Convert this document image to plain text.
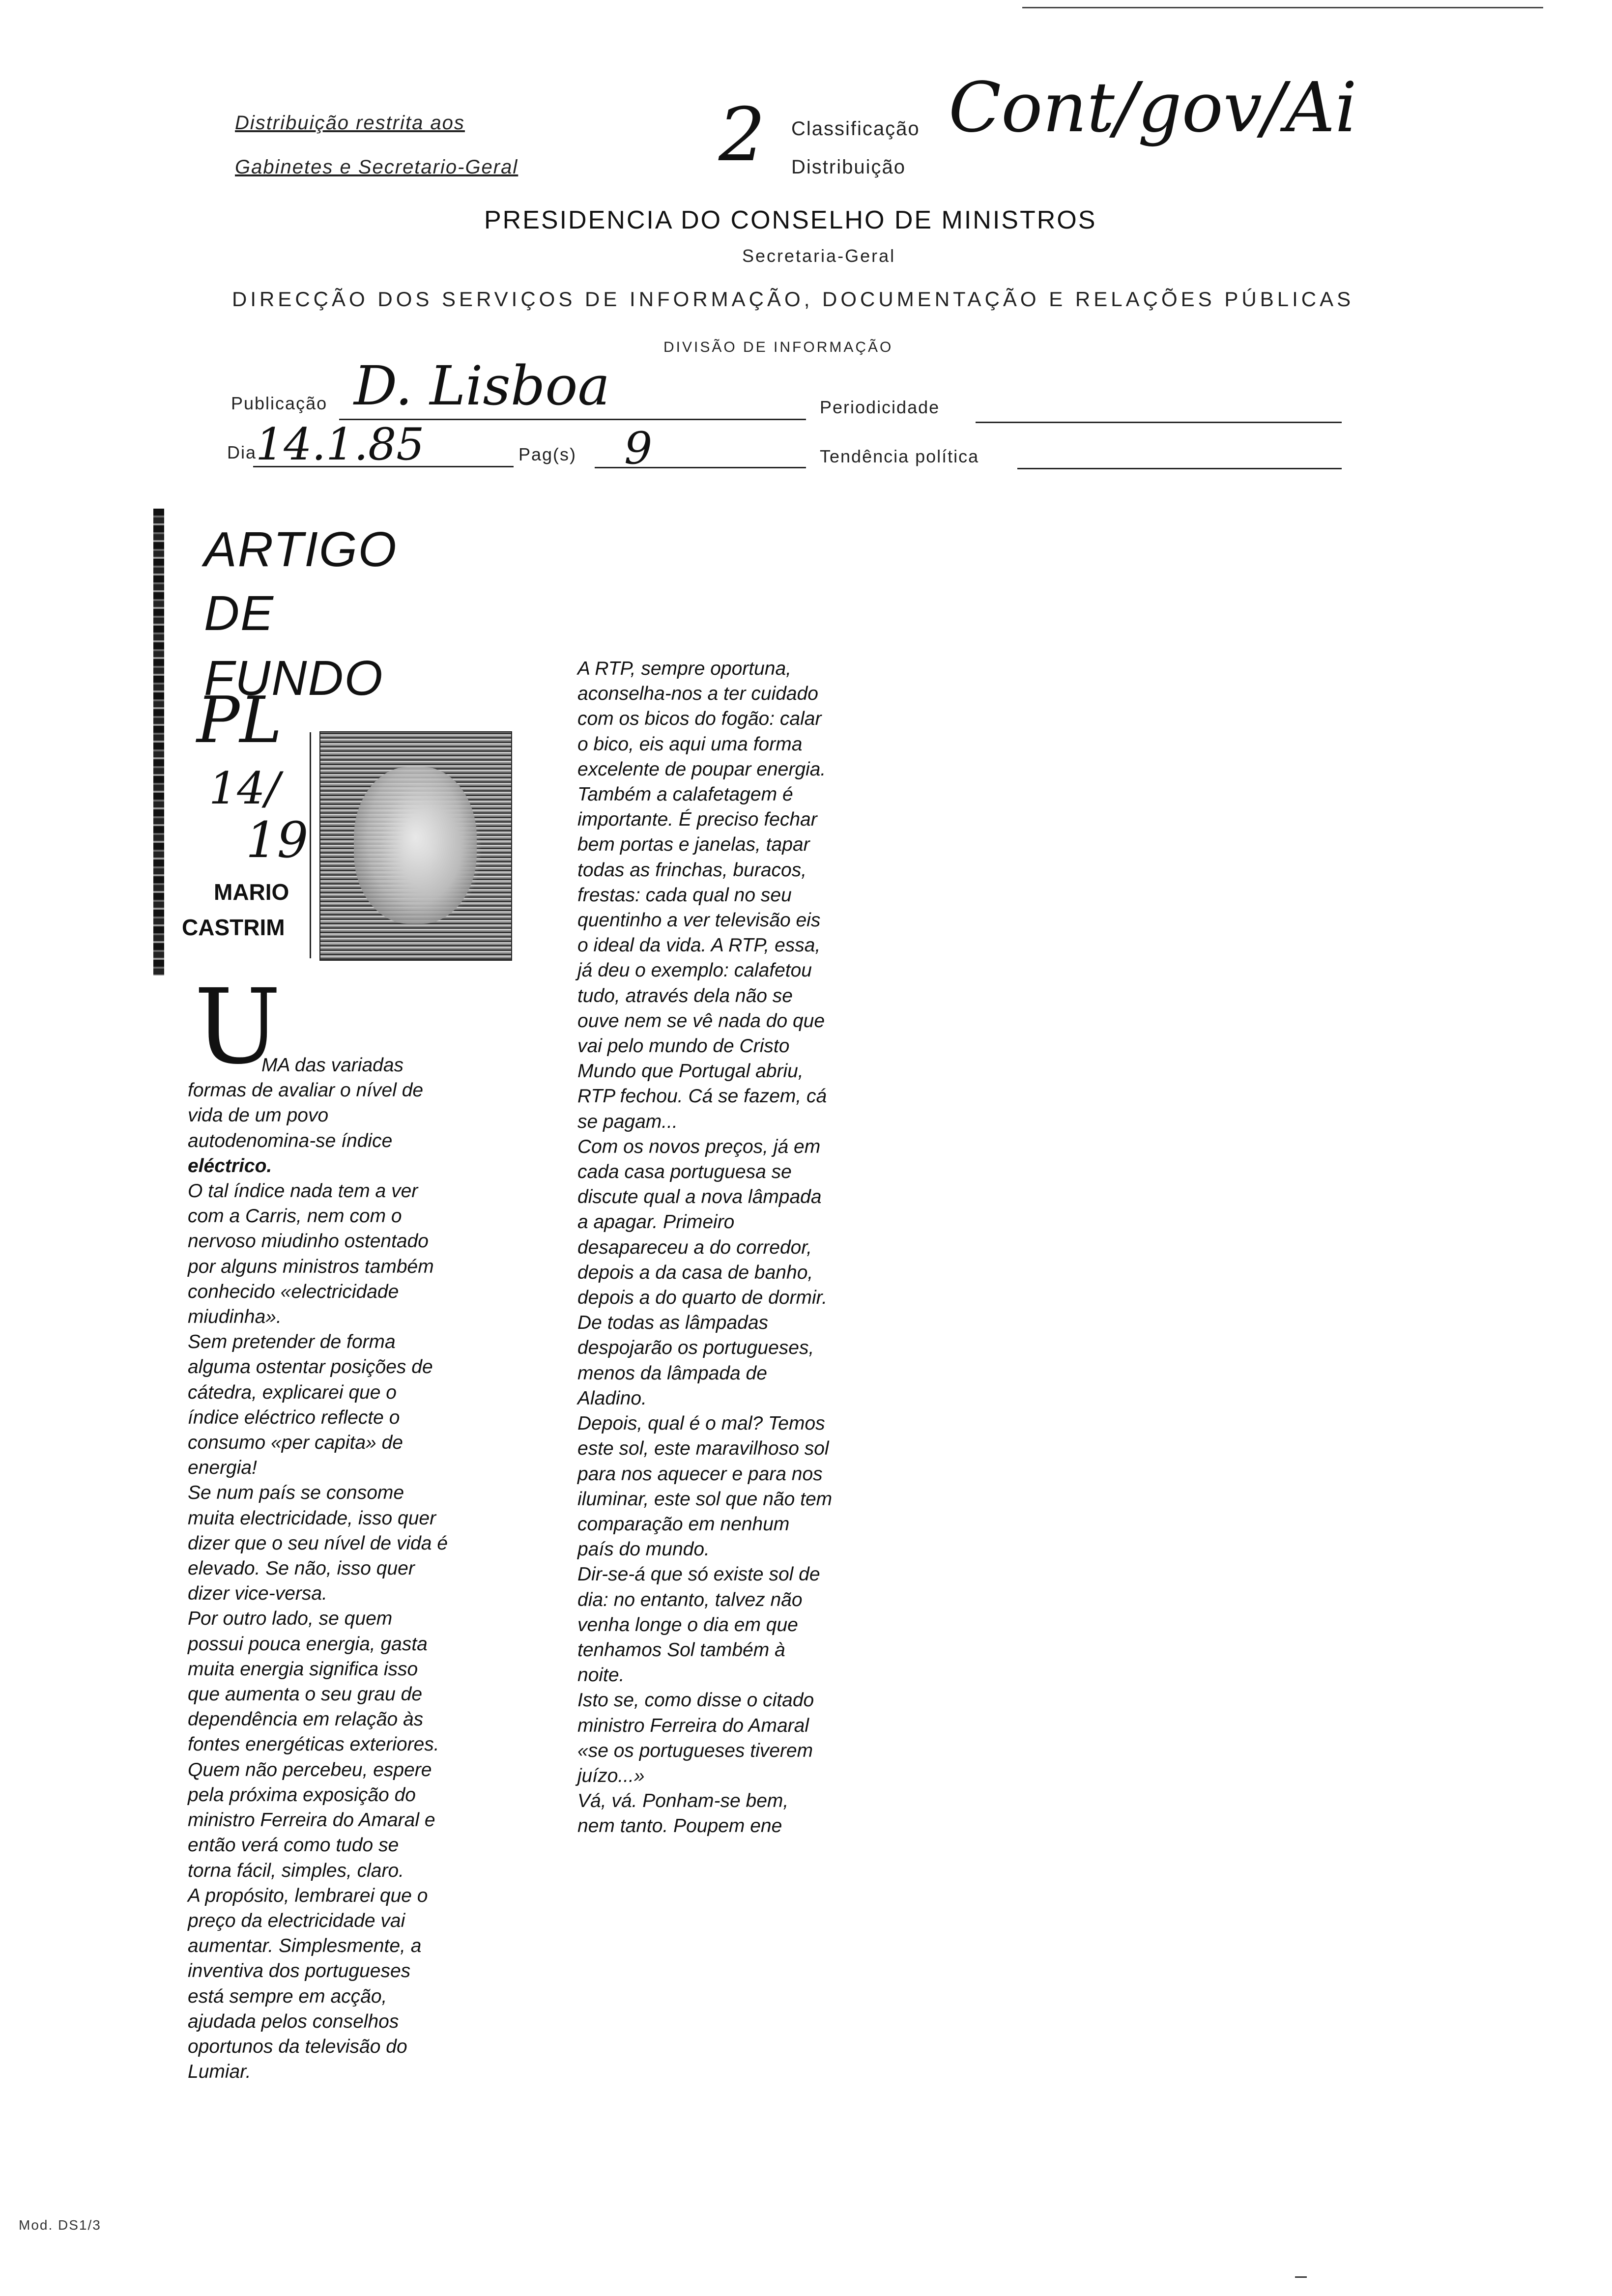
Distribuição restrita aos
Gabinetes e Secretario-Geral	2 Classificação
Distribuição
Cont/gov/Ai
PRESIDENCIA DO CONSELHO DE MINISTROS
Secretaria-Geral
DIRECÇÃO DOS SERVIÇOS DE INFORMAÇÃO, DOCUMENTAÇÃO E RELAÇÕES PÚBLICAS
DIVISÃO DE INFORMAÇÃO
Publicação D. Lisboa	Periodicidade
Dia
14.1.85	Pag(s) 9	Tendência política
ARTIGO
DE
FUNDO
PL
14/
19
MARIO
CASTRIM
U

MA das variadas

formas de avaliar o nível de

vida de um povo

autodenomina-se índice

eléctrico.

O tal índice nada tem a ver

com a Carris, nem com o

nervoso miudinho ostentado

por alguns ministros também

conhecido «electricidade

miudinha».

Sem pretender de forma

alguma ostentar posições de

cátedra, explicarei que o

índice eléctrico reflecte o

consumo «per capita» de

energia!

Se num país se consome

muita electricidade, isso quer

dizer que o seu nível de vida é

elevado. Se não, isso quer

dizer vice-versa.

Por outro lado, se quem

possui pouca energia, gasta

muita energia significa isso

que aumenta o seu grau de

dependência em relação às

fontes energéticas exteriores.

Quem não percebeu, espere

pela próxima exposição do

ministro Ferreira do Amaral e

então verá como tudo se

torna fácil, simples, claro.

A propósito, lembrarei que o

preço da electricidade vai

aumentar. Simplesmente, a

inventiva dos portugueses

está sempre em acção,

ajudada pelos conselhos

oportunos da televisão do

Lumiar.

A RTP, sempre oportuna,

aconselha-nos a ter cuidado

com os bicos do fogão: calar

o bico, eis aqui uma forma

excelente de poupar energia.

Também a calafetagem é

importante. É preciso fechar

bem portas e janelas, tapar

todas as frinchas, buracos,

frestas: cada qual no seu

quentinho a ver televisão eis

o ideal da vida. A RTP, essa,

já deu o exemplo: calafetou

tudo, através dela não se

ouve nem se vê nada do que

vai pelo mundo de Cristo

Mundo que Portugal abriu,

RTP fechou. Cá se fazem, cá

se pagam...

Com os novos preços, já em

cada casa portuguesa se

discute qual a nova lâmpada

a apagar. Primeiro

desapareceu a do corredor,

depois a da casa de banho,

depois a do quarto de dormir.

De todas as lâmpadas

despojarão os portugueses,

menos da lâmpada de

Aladino.

Depois, qual é o mal? Temos

este sol, este maravilhoso sol

para nos aquecer e para nos

iluminar, este sol que não tem

comparação em nenhum

país do mundo.

Dir-se-á que só existe sol de

dia: no entanto, talvez não

venha longe o dia em que

tenhamos Sol também à

noite.

Isto se, como disse o citado

ministro Ferreira do Amaral

«se os portugueses tiverem

juízo...»

Vá, vá. Ponham-se bem,

nem tanto. Poupem ene

Mod. DS1/3
